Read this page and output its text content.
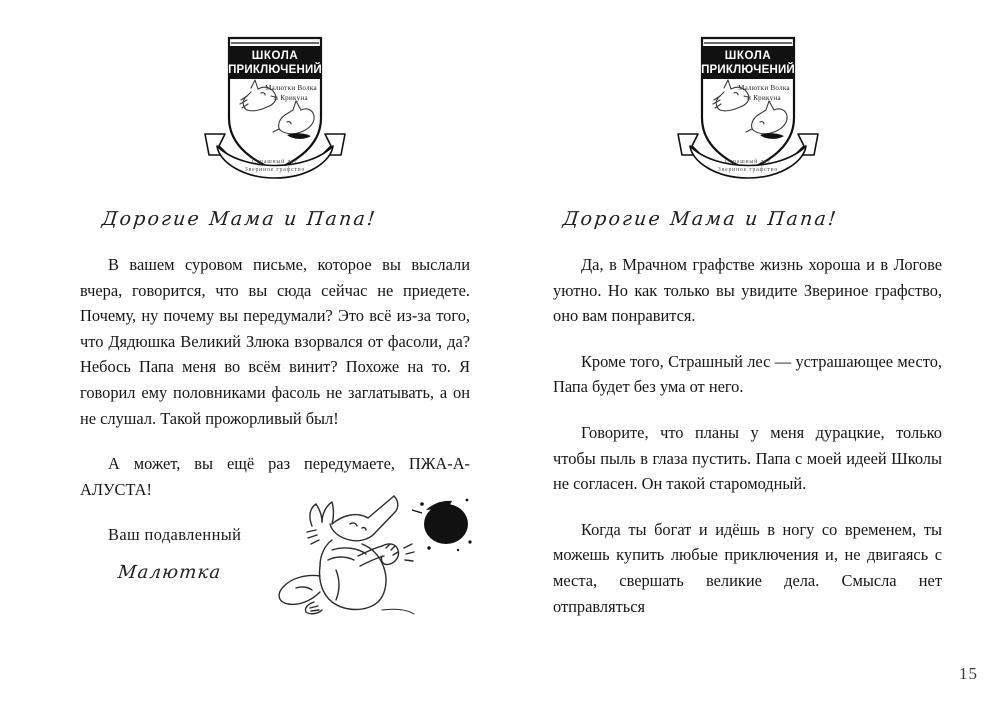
ШКОЛА
ПРИКЛЮЧЕНИЙ
Малютки Волка
и Крикуна
Страшный лес
Звериное графство
Дорогие Мама и Папа!

В вашем суровом письме, которое вы выслали вчера, говорится, что вы сюда сейчас не приедете. Почему, ну почему вы передумали? Это всё из-за того, что Дядюшка Великий Злюка взорвался от фасоли, да? Небось Папа меня во всём винит? Похоже на то. Я говорил ему половниками фасоль не заглатывать, а он не слушал. Такой прожорливый был!

А может, вы ещё раз передумаете, ПЖА-А-АЛУСТА!

Ваш подавленный
Малютка
ШКОЛА
ПРИКЛЮЧЕНИЙ
Малютки Волка
и Крикуна
Страшный лес
Звериное графство
Дорогие Мама и Папа!

Да, в Мрачном графстве жизнь хороша и в Логове уютно. Но как только вы увидите Звериное графство, оно вам понравится.

Кроме того, Страшный лес — устрашающее место, Папа будет без ума от него.

Говорите, что планы у меня дурацкие, только чтобы пыль в глаза пустить. Папа с моей идеей Школы не согласен. Он такой старомодный.

Когда ты богат и идёшь в ногу со временем, ты можешь купить любые приключения и, не двигаясь с места, свершать великие дела. Смысла нет отправляться

15
